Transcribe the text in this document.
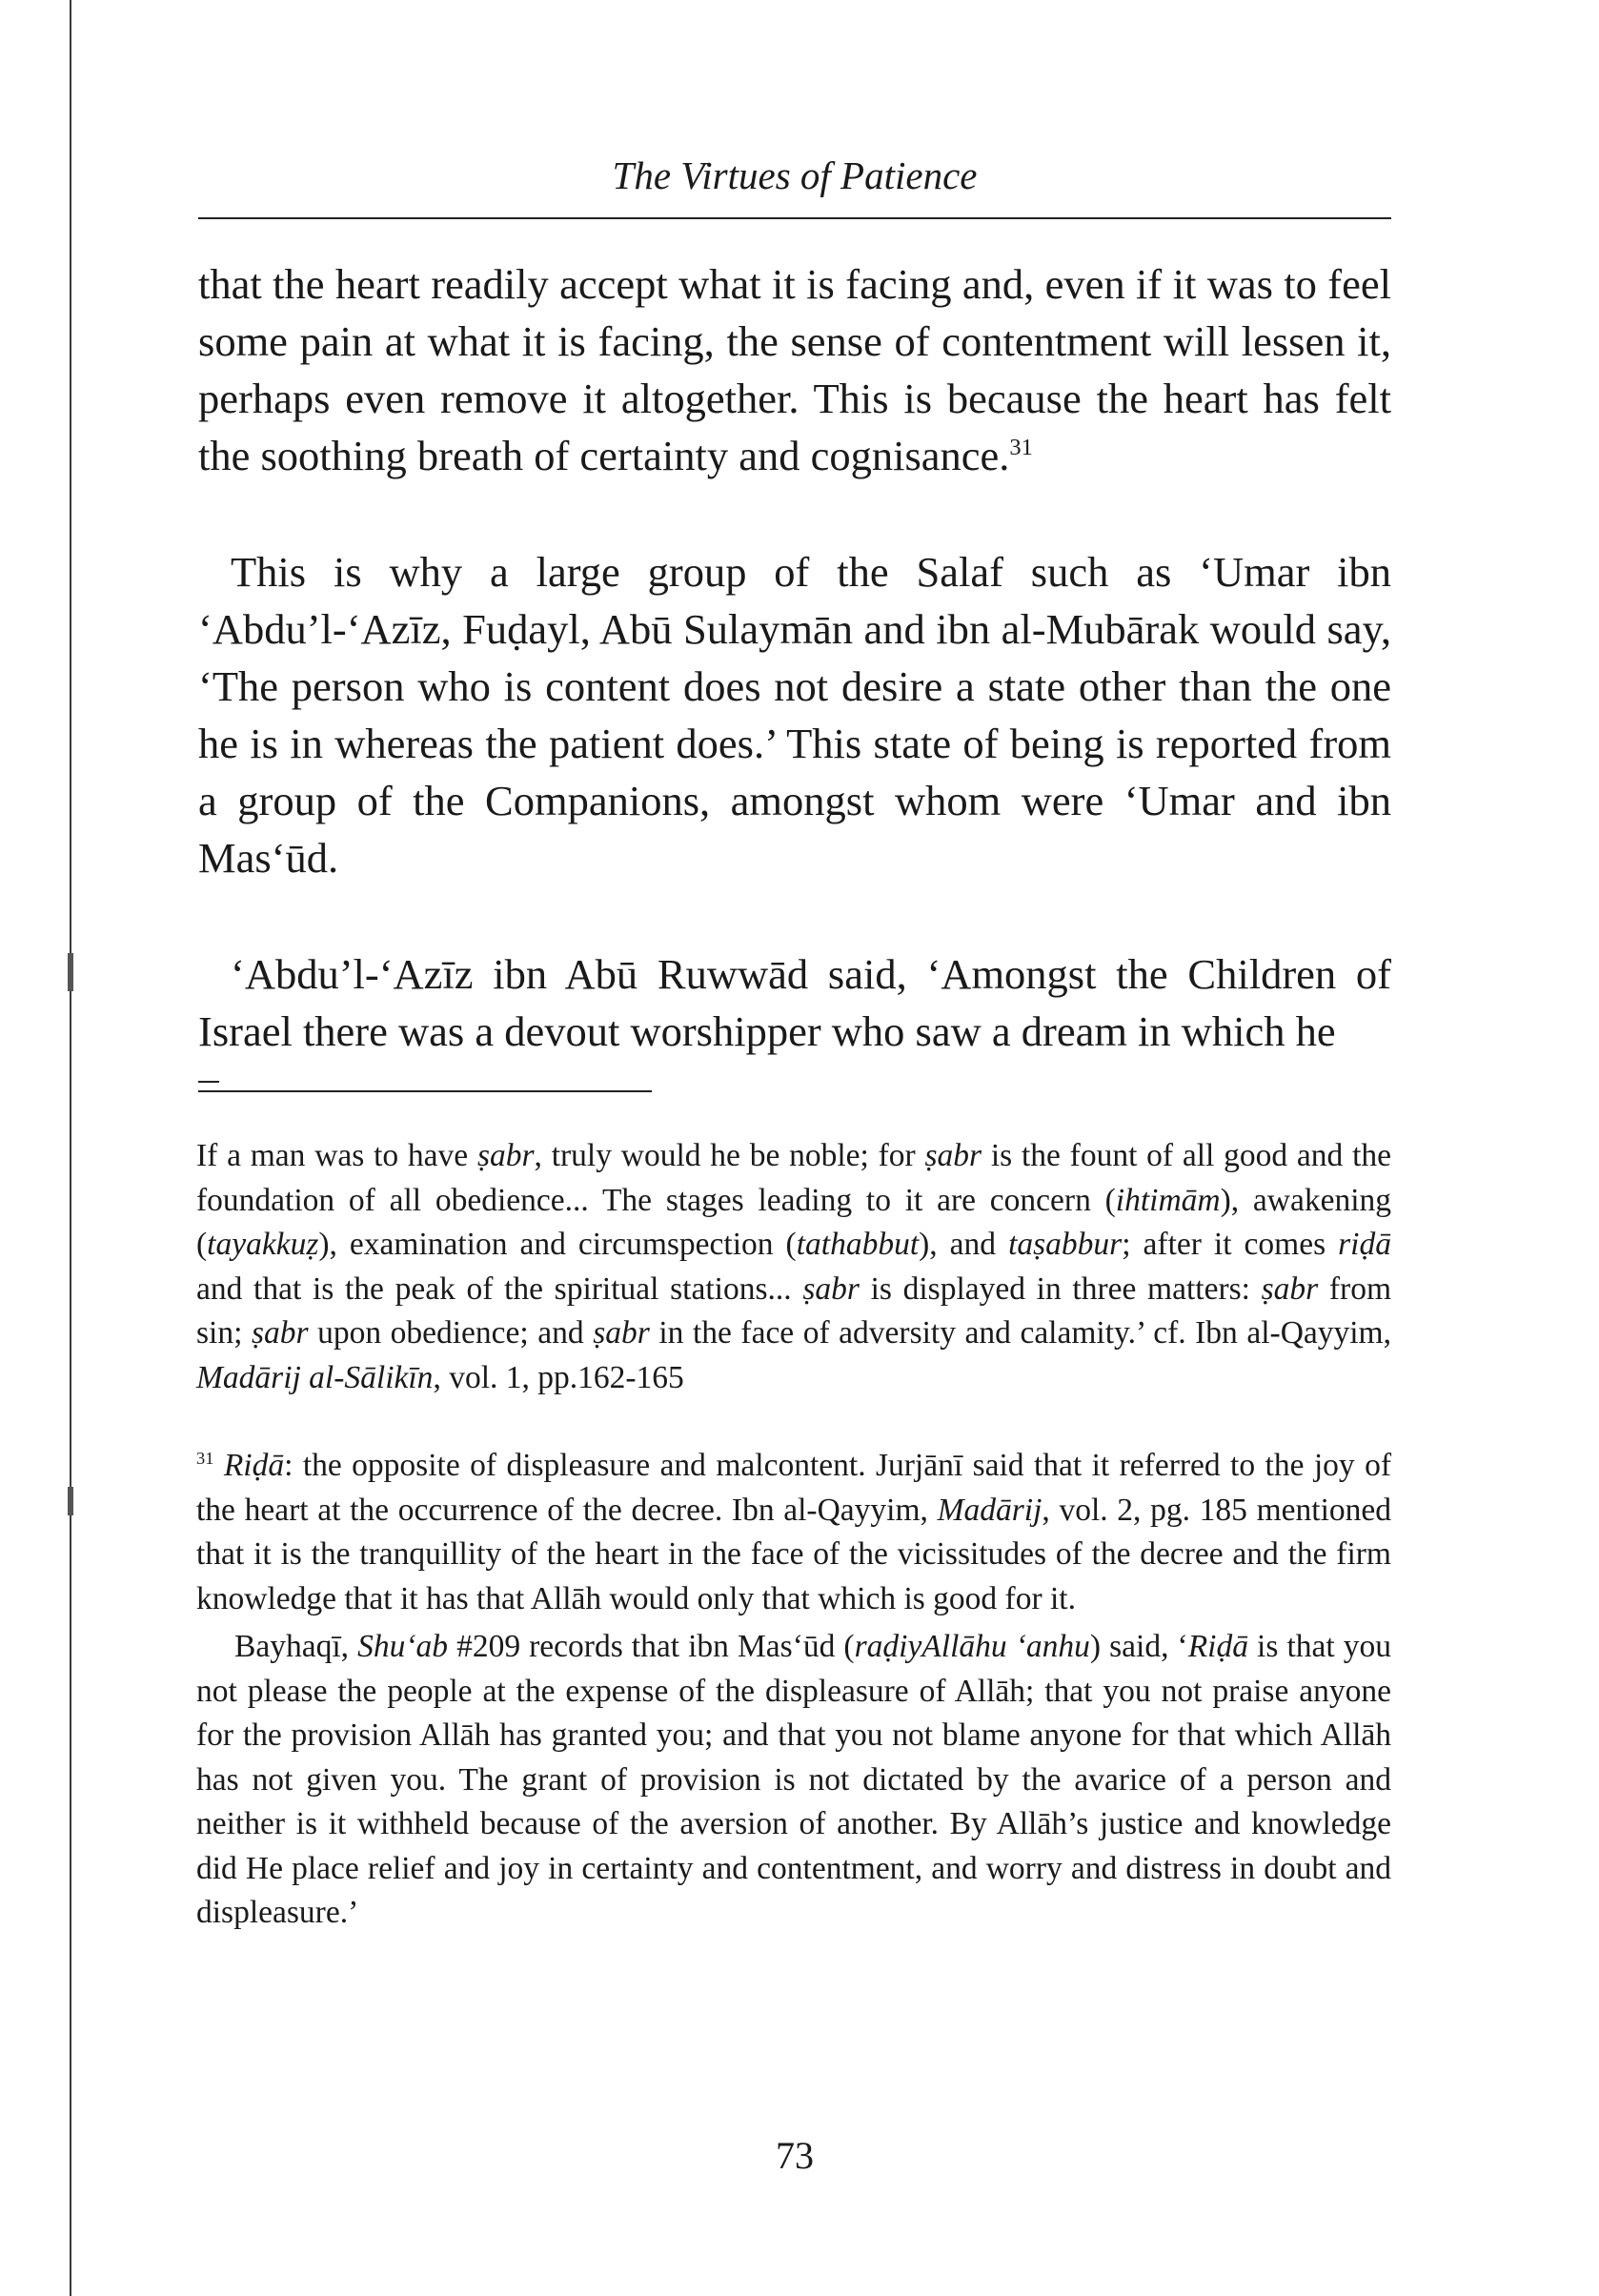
The Virtues of Patience

that the heart readily accept what it is facing and, even if it was to feel some pain at what it is facing, the sense of contentment will lessen it, perhaps even remove it altogether. This is because the heart has felt the soothing breath of certainty and cognisance.$^{31}$

This is why a large group of the Salaf such as ‘Umar ibn ‘Abdu’l-‘Azīz, Fuḍayl, Abū Sulaymān and ibn al-Mubārak would say, ‘The person who is content does not desire a state other than the one he is in whereas the patient does.’ This state of being is reported from a group of the Companions, amongst whom were ‘Umar and ibn Mas‘ūd.

‘Abdu’l-‘Azīz ibn Abū Ruwwād said, ‘Amongst the Children of Israel there was a devout worshipper who saw a dream in which he

If a man was to have ṣabr, truly would he be noble; for ṣabr is the fount of all good and the foundation of all obedience... The stages leading to it are concern (ihtimām), awakening (tayakkuẓ), examination and circumspection (tathabbut), and taṣabbur; after it comes riḍā and that is the peak of the spiritual stations... ṣabr is displayed in three matters: ṣabr from sin; ṣabr upon obedience; and ṣabr in the face of adversity and calamity.’ cf. Ibn al-Qayyim, Madārij al-Sālikīn, vol. 1, pp.162-165

$^{31}$ Riḍā: the opposite of displeasure and malcontent. Jurjānī said that it referred to the joy of the heart at the occurrence of the decree. Ibn al-Qayyim, Madārij, vol. 2, pg. 185 mentioned that it is the tranquillity of the heart in the face of the vicissitudes of the decree and the firm knowledge that it has that Allāh would only that which is good for it.

Bayhaqī, Shu‘ab #209 records that ibn Mas‘ūd (raḍiyAllāhu ‘anhu) said, ‘Riḍā is that you not please the people at the expense of the displeasure of Allāh; that you not praise anyone for the provision Allāh has granted you; and that you not blame anyone for that which Allāh has not given you. The grant of provision is not dictated by the avarice of a person and neither is it withheld because of the aversion of another. By Allāh’s justice and knowledge did He place relief and joy in certainty and contentment, and worry and distress in doubt and displeasure.’

73
